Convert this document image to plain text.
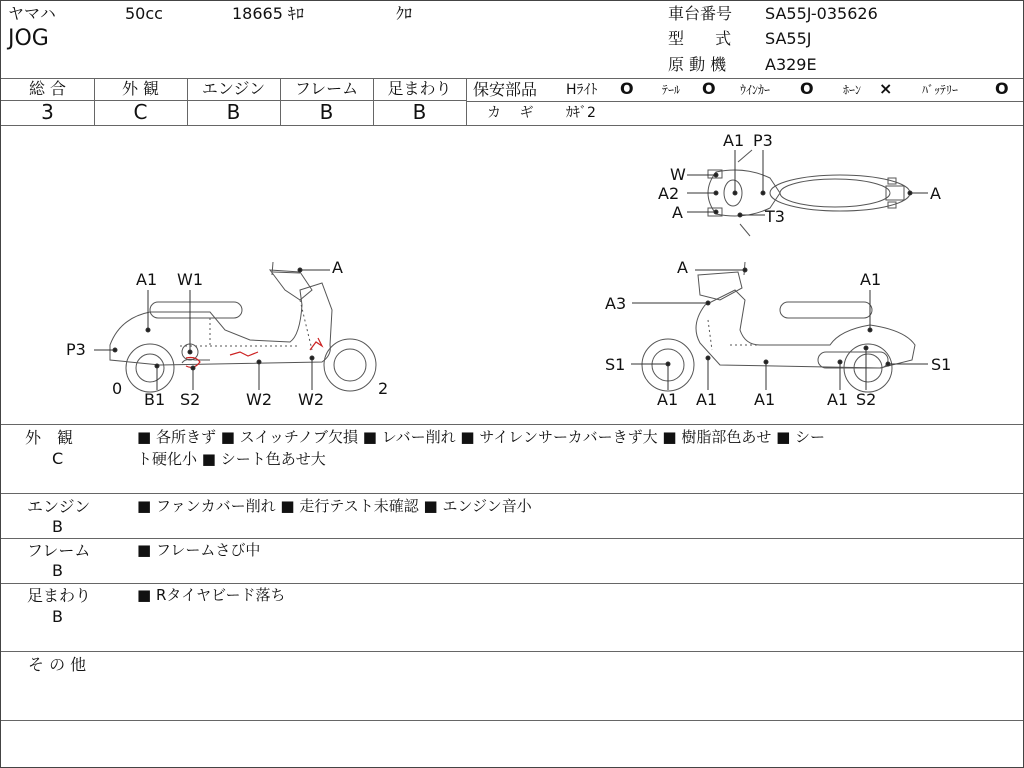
ヤマハ	50cc	18665 ｷﾛ	ｸﾛ
JOG
車台番号 SA55J-035626
型 式 SA55J
原 動 機 A329E
総 合	外 観	エンジン	フレーム	足まわり
3	C	B	B	B
保安部品 Hﾗｲﾄ O ﾃｰﾙ O ｳｲﾝｶｰ O ﾎｰﾝ × ﾊﾞｯﾃﾘｰ O
カ ギ ｶｷﾞ2
A1 P3
W
A2
A	T3
A
A
A1 W1
P3
0
B1 S2	W2 W2
2
A
A1
A3
S1	S1
A1 A1 A1	A1 S2
外　観
C
■ 各所きず ■ スイッチノブ欠損 ■ レバー削れ ■ サイレンサーカバーきず大 ■ 樹脂部色あせ ■ シー
ト硬化小 ■ シート色あせ大
エンジン
B
■ ファンカバー削れ ■ 走行テスト未確認 ■ エンジン音小
フレーム
B
■ フレームさび中
足まわり
B
■ Rタイヤビード落ち
そ の 他
